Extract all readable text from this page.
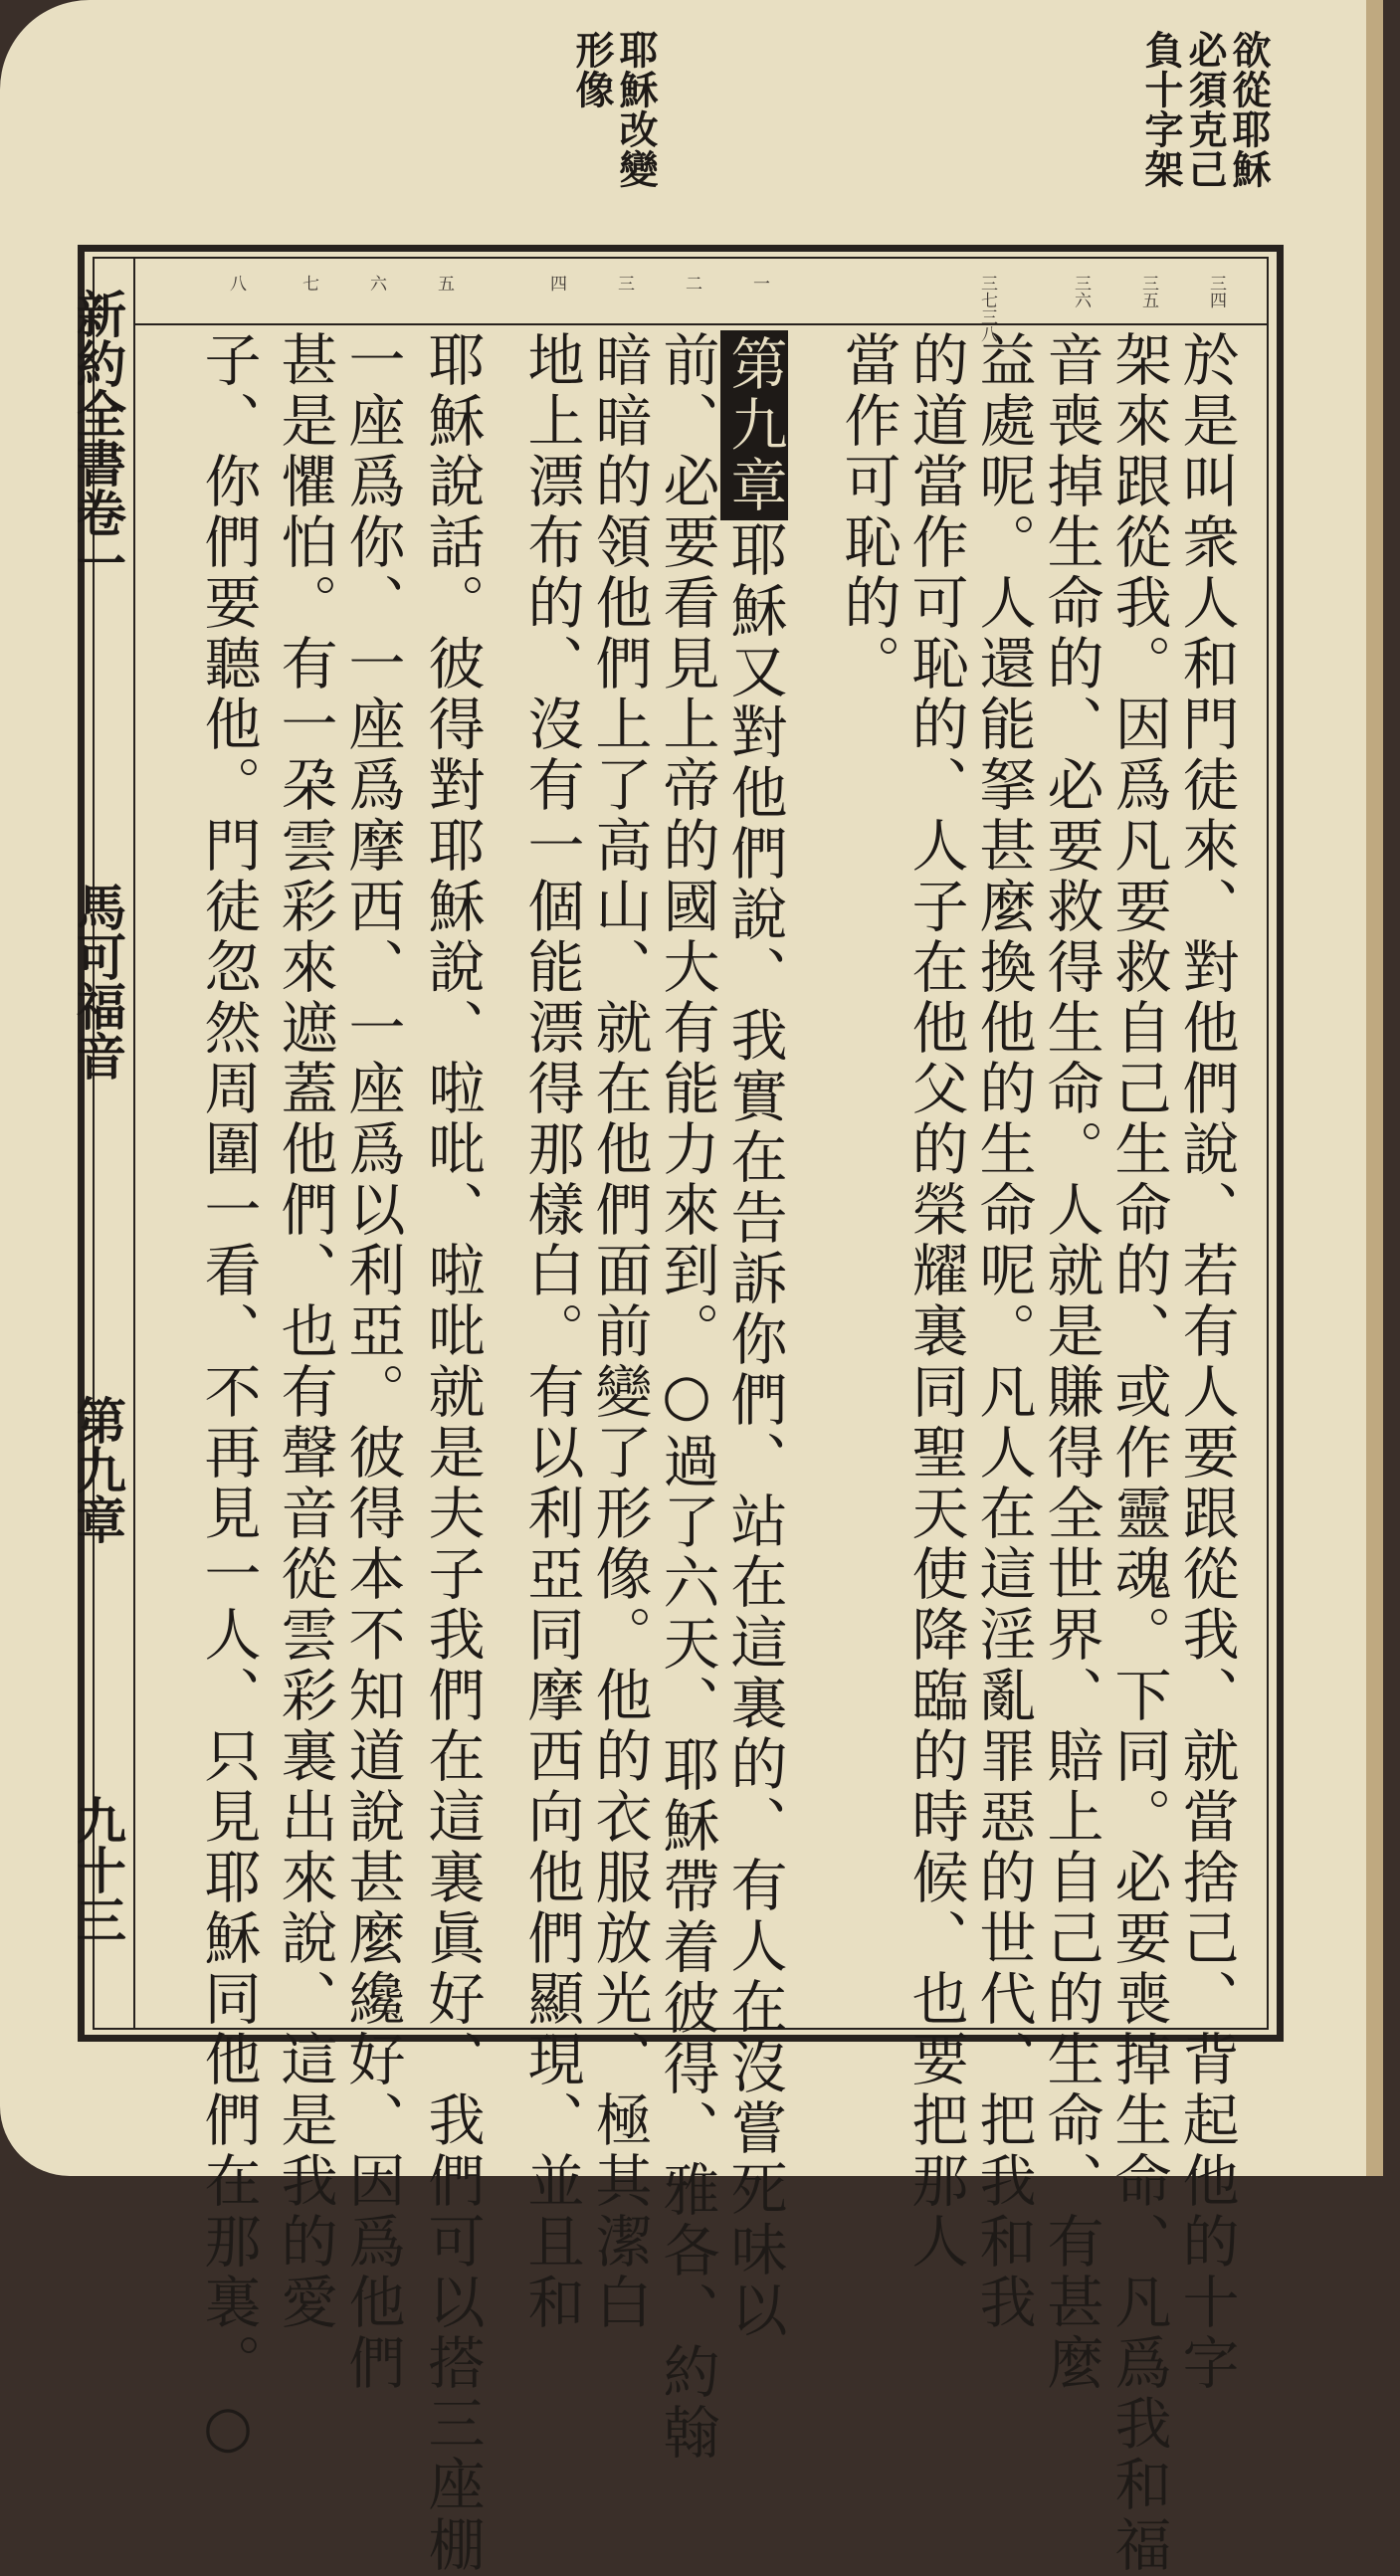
欲從耶穌
必須克己
負十字架
耶穌改變
形像
新約全書卷一
馬可福音
第九章
九十三
三四
三五
三六
三七三八
一
二
三
四
五
六
七
八
於是叫衆人和門徒來、對他們說、若有人要跟從我、就當捨己、背起他的十字
架來跟從我。因爲凡要救自己生命的、或作靈魂。下同。必要喪掉生命、凡爲我和福
音喪掉生命的、必要救得生命。人就是賺得全世界、賠上自己的生命、有甚麼
益處呢。人還能拏甚麼換他的生命呢。凡人在這淫亂罪惡的世代、把我和我
的道當作可恥的、人子在他父的榮耀裏同聖天使降臨的時候、也要把那人
當作可恥的。
第九章耶穌又對他們說、我實在告訴你們、站在這裏的、有人在沒嘗死味以
前、必要看見上帝的國大有能力來到。○過了六天、耶穌帶着彼得、雅各、約翰
暗暗的領他們上了高山、就在他們面前變了形像。他的衣服放光、極其潔白
地上漂布的、沒有一個能漂得那樣白。有以利亞同摩西向他們顯現、並且和
耶穌說話。彼得對耶穌說、啦吡、啦吡就是夫子我們在這裏眞好、我們可以搭三座棚
一座爲你、一座爲摩西、一座爲以利亞。彼得本不知道說甚麼纔好、因爲他們
甚是懼怕。有一朶雲彩來遮蓋他們、也有聲音從雲彩裏出來說、這是我的愛
子、你們要聽他。門徒忽然周圍一看、不再見一人、只見耶穌同他們在那裏。○
